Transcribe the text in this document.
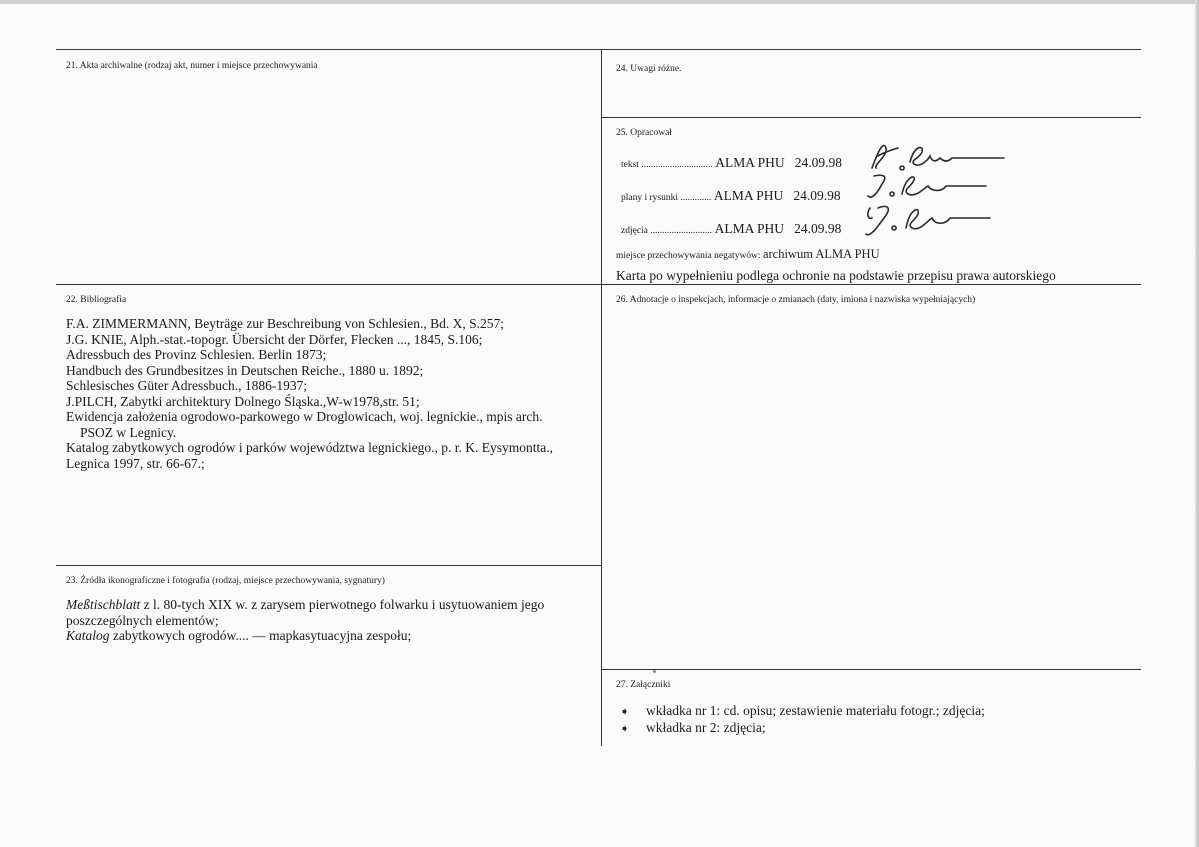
21. Akta archiwalne (rodzaj akt, numer i miejsce przechowywania
22. Bibliografia
F.A. ZIMMERMANN, Beyträge zur Beschreibung von Schlesien., Bd. X, S.257;
J.G. KNIE, Alph.-stat.-topogr. Übersicht der Dörfer, Flecken ..., 1845, S.106;
Adressbuch des Provinz Schlesien. Berlin 1873;
Handbuch des Grundbesitzes in Deutschen Reiche., 1880 u. 1892;
Schlesisches Güter Adressbuch., 1886-1937;
J.PILCH, Zabytki architektury Dolnego Śląska.,W-w1978,str. 51;
Ewidencja założenia ogrodowo-parkowego w Droglowicach, woj. legnickie., mpis arch.
PSOZ w Legnicy.
Katalog zabytkowych ogrodów i parków województwa legnickiego., p. r. K. Eysymontta.,
Legnica 1997, str. 66-67.;
23. Źródła ikonograficzne i fotografia (rodzaj, miejsce przechowywania, sygnatury)
Meßtischblatt z l. 80-tych XIX w. z zarysem pierwotnego folwarku i usytuowaniem jego
poszczególnych elementów;
Katalog zabytkowych ogrodów.... — mapkasytuacyjna zespołu;
24. Uwagi różne.
25. Opracował
tekst .............................. ALMA PHU   24.09.98
plany i rysunki ............. ALMA PHU   24.09.98
zdjęcia .......................... ALMA PHU   24.09.98
miejsce przechowywania negatywów: archiwum ALMA PHU
Karta po wypełnieniu podlega ochronie na podstawie przepisu prawa autorskiego
26. Adnotacje o inspekcjach, informacje o zmianach (daty, imiona i nazwiska wypełniających)
27. Załączniki
➧	wkładka nr 1: cd. opisu; zestawienie materiału fotogr.; zdjęcia;
➧	wkładka nr 2: zdjęcia;
